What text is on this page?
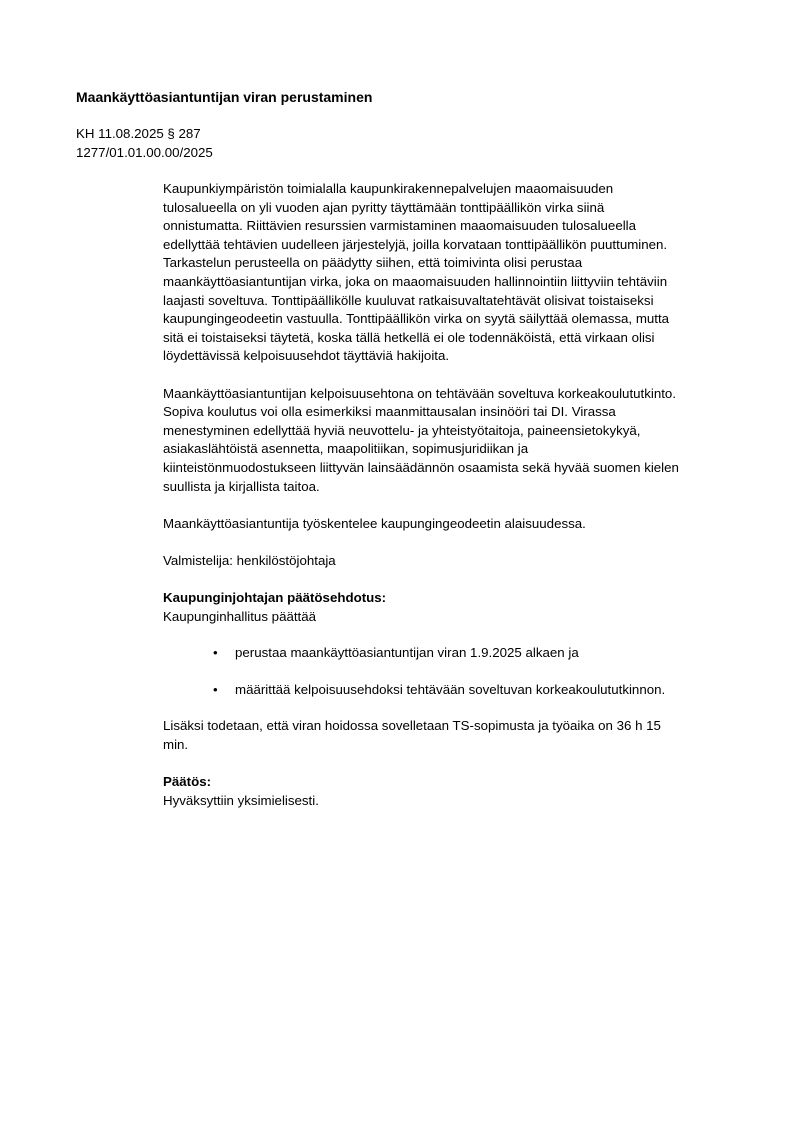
Maankäyttöasiantuntijan viran perustaminen
KH 11.08.2025 § 287
1277/01.01.00.00/2025

Kaupunkiympäristön toimialalla kaupunkirakennepalvelujen maaomaisuuden
tulosalueella on yli vuoden ajan pyritty täyttämään tonttipäällikön virka siinä
onnistumatta. Riittävien resurssien varmistaminen maaomaisuuden tulosalueella
edellyttää tehtävien uudelleen järjestelyjä, joilla korvataan tonttipäällikön puuttuminen.
Tarkastelun perusteella on päädytty siihen, että toimivinta olisi perustaa
maankäyttöasiantuntijan virka, joka on maaomaisuuden hallinnointiin liittyviin tehtäviin
laajasti soveltuva. Tonttipäällikölle kuuluvat ratkaisuvaltatehtävät olisivat toistaiseksi
kaupungingeodeetin vastuulla. Tonttipäällikön virka on syytä säilyttää olemassa, mutta
sitä ei toistaiseksi täytetä, koska tällä hetkellä ei ole todennäköistä, että virkaan olisi
löydettävissä kelpoisuusehdot täyttäviä hakijoita.

Maankäyttöasiantuntijan kelpoisuusehtona on tehtävään soveltuva korkeakoulututkinto.
Sopiva koulutus voi olla esimerkiksi maanmittausalan insinööri tai DI. Virassa
menestyminen edellyttää hyviä neuvottelu- ja yhteistyötaitoja, paineensietokykyä,
asiakaslähtöistä asennetta, maapolitiikan, sopimusjuridiikan ja
kiinteistönmuodostukseen liittyvän lainsäädännön osaamista sekä hyvää suomen kielen
suullista ja kirjallista taitoa.

Maankäyttöasiantuntija työskentelee kaupungingeodeetin alaisuudessa.

Valmistelija: henkilöstöjohtaja

Kaupunginjohtajan päätösehdotus:
Kaupunginhallitus päättää

• perustaa maankäyttöasiantuntijan viran 1.9.2025 alkaen ja
• määrittää kelpoisuusehdoksi tehtävään soveltuvan korkeakoulututkinnon.

Lisäksi todetaan, että viran hoidossa sovelletaan TS-sopimusta ja työaika on 36 h 15
min.

Päätös:
Hyväksyttiin yksimielisesti.
